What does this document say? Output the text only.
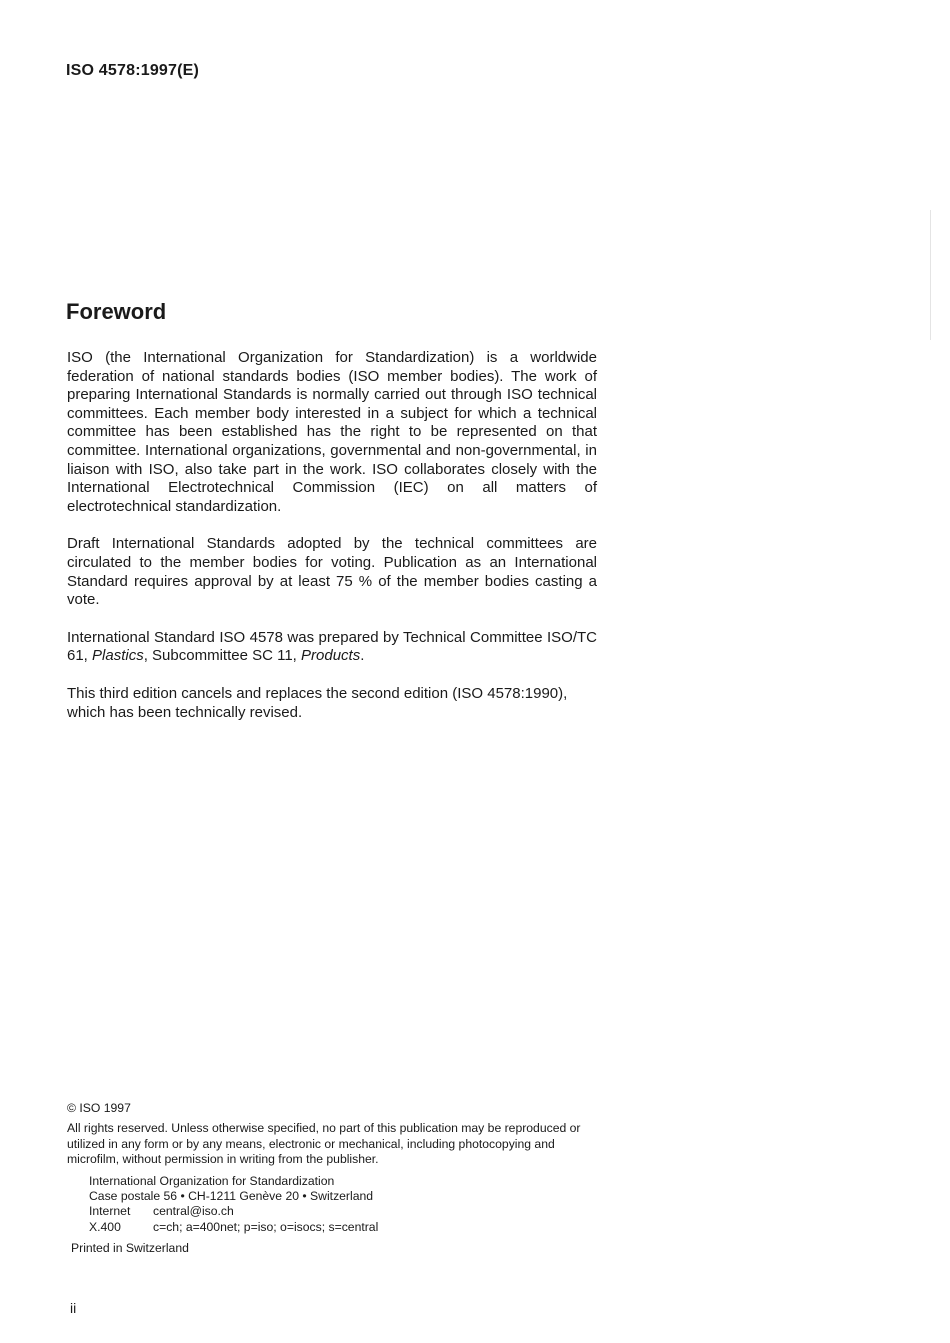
ISO 4578:1997(E)
Foreword

ISO (the International Organization for Standardization) is a worldwide federation of national standards bodies (ISO member bodies). The work of preparing International Standards is normally carried out through ISO technical committees. Each member body interested in a subject for which a technical committee has been established has the right to be represented on that committee. International organizations, governmental and non-governmental, in liaison with ISO, also take part in the work. ISO collaborates closely with the International Electrotechnical Commission (IEC) on all matters of electrotechnical standardization.

Draft International Standards adopted by the technical committees are circulated to the member bodies for voting. Publication as an International Standard requires approval by at least 75 % of the member bodies casting a vote.

International Standard ISO 4578 was prepared by Technical Committee ISO/TC 61, Plastics, Subcommittee SC 11, Products.

This third edition cancels and replaces the second edition (ISO 4578:1990), which has been technically revised.

© ISO 1997
All rights reserved. Unless otherwise specified, no part of this publication may be reproduced or utilized in any form or by any means, electronic or mechanical, including photocopying and microfilm, without permission in writing from the publisher.
International Organization for Standardization
Case postale 56 • CH-1211 Genève 20 • Switzerland
Internet	central@iso.ch
X.400	c=ch; a=400net; p=iso; o=isocs; s=central
Printed in Switzerland
ii
